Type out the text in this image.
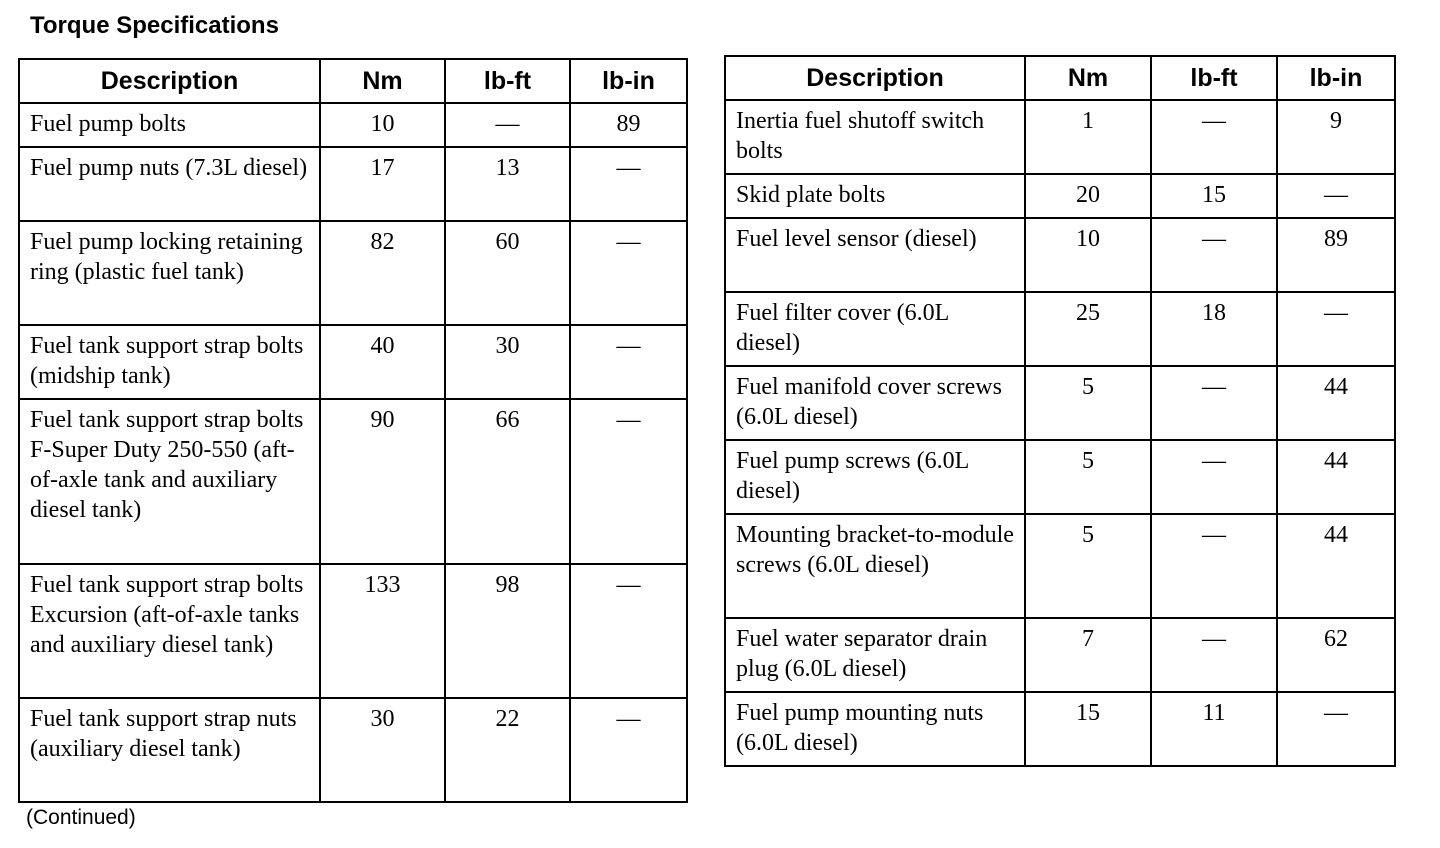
Torque Specifications
Description	Nm	lb-ft	lb-in
Fuel pump bolts	10	—	89
Fuel pump nuts (7.3L diesel)	17	13	—
Fuel pump locking retaining ring (plastic fuel tank)	82	60	—
Fuel tank support strap bolts (midship tank)	40	30	—
Fuel tank support strap bolts F-Super Duty 250-550 (aft-of-axle tank and auxiliary diesel tank)	90	66	—
Fuel tank support strap bolts Excursion (aft-of-axle tanks and auxiliary diesel tank)	133	98	—
Fuel tank support strap nuts (auxiliary diesel tank)	30	22	—
Description	Nm	lb-ft	lb-in
Inertia fuel shutoff switch bolts	1	—	9
Skid plate bolts	20	15	—
Fuel level sensor (diesel)	10	—	89
Fuel filter cover (6.0L diesel)	25	18	—
Fuel manifold cover screws (6.0L diesel)	5	—	44
Fuel pump screws (6.0L diesel)	5	—	44
Mounting bracket-to-module screws (6.0L diesel)	5	—	44
Fuel water separator drain plug (6.0L diesel)	7	—	62
Fuel pump mounting nuts (6.0L diesel)	15	11	—
(Continued)
